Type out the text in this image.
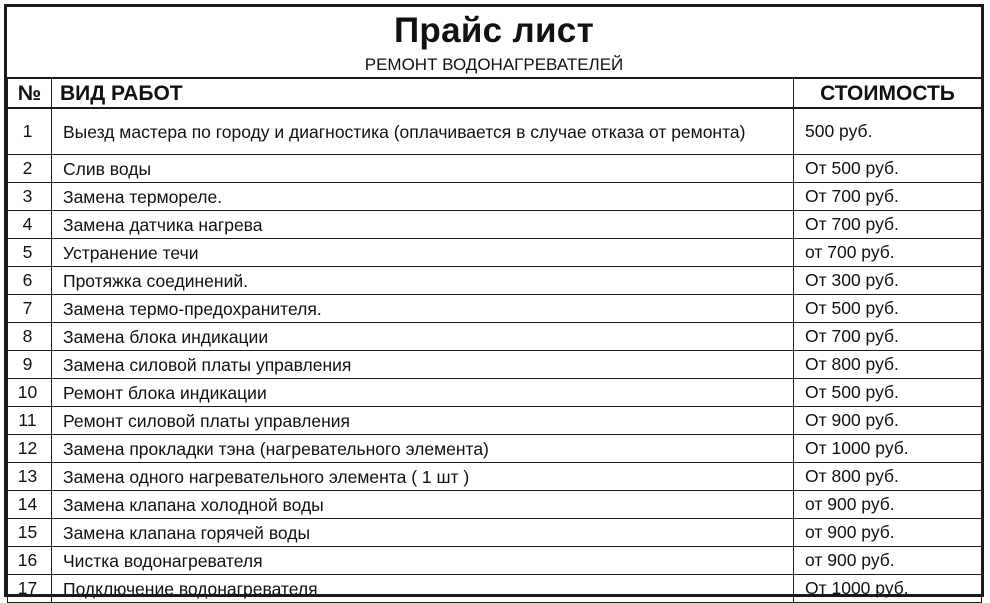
Прайс лист
РЕМОНТ ВОДОНАГРЕВАТЕЛЕЙ
№	ВИД РАБОТ	СТОИМОСТЬ
1	Выезд мастера по городу и диагностика (оплачивается в случае отказа от ремонта)	500 руб.
2	Слив воды	От 500 руб.
3	Замена термореле.	От 700 руб.
4	Замена датчика нагрева	От 700 руб.
5	Устранение течи	от 700 руб.
6	Протяжка соединений.	От 300 руб.
7	Замена термо-предохранителя.	От 500 руб.
8	Замена блока индикации	От 700 руб.
9	Замена силовой платы управления	От 800 руб.
10	Ремонт блока индикации	От 500 руб.
11	Ремонт силовой платы управления	От 900 руб.
12	Замена прокладки тэна (нагревательного элемента)	От 1000 руб.
13	Замена одного нагревательного элемента ( 1 шт )	От 800 руб.
14	Замена клапана холодной воды	от 900 руб.
15	Замена клапана горячей воды	от 900 руб.
16	Чистка водонагревателя	от 900 руб.
17	Подключение водонагревателя	От 1000 руб.
